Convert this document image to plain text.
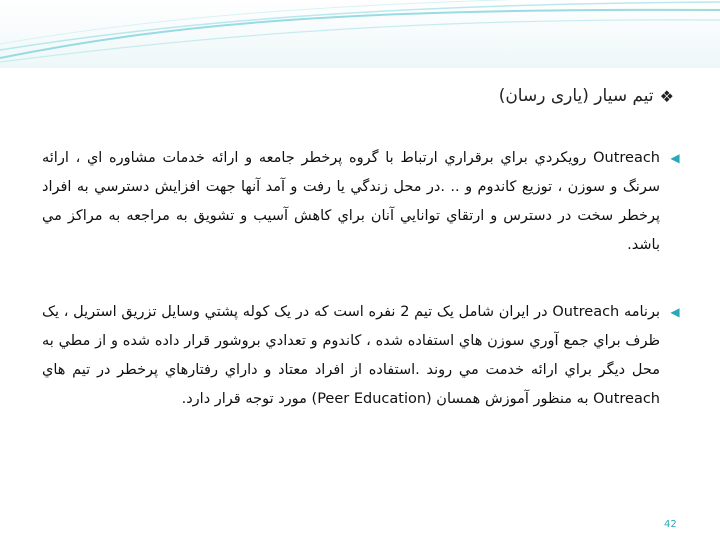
❖
تیم سیار (یاری رسان)
◀
Outreach رویکردي براي برقراري ارتباط با گروه پرخطر جامعه و ارائه خدمات مشاوره اي ، ارائه سرنگ و سوزن ، توزیع کاندوم و .. .در محل زندگي يا رفت و آمد آنها جهت افزايش دسترسي به افراد پرخطر سخت در دسترس و ارتقاي توانايي آنان براي کاهش آسيب و تشويق به مراجعه به مراکز مي باشد.
◀
برنامه Outreach در ایران شامل یک تیم 2 نفره است که در یک کوله پشتي وسايل تزريق استريل ، يک ظرف براي جمع آوري سوزن هاي استفاده شده ، کاندوم و تعدادي بروشور قرار داده شده و از مطي به محل ديگر براي ارائه خدمت مي روند .استفاده از افراد معتاد و داراي رفتارهاي پرخطر در تیم هاي Outreach به منظور آموزش همسان (Peer Education) مورد توجه قرار دارد.
42
